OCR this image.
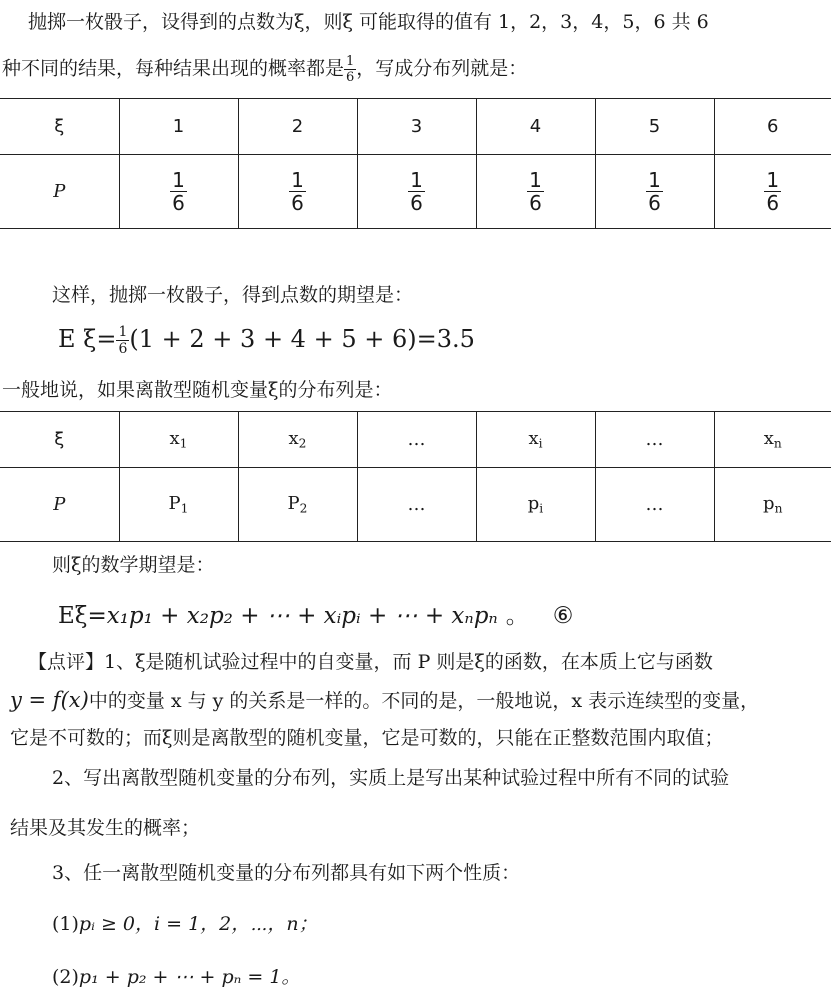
抛掷一枚骰子，设得到的点数为ξ，则ξ 可能取得的值有 1，2，3，4，5，6 共 6
种不同的结果，每种结果出现的概率都是 $\frac{1}{6}$ ，写成分布列就是：
ξ	1	2	3	4	5	6
P	$\frac{1}{6}$	$\frac{1}{6}$	$\frac{1}{6}$	$\frac{1}{6}$	$\frac{1}{6}$	$\frac{1}{6}$
这样，抛掷一枚骰子，得到点数的期望是：
E $\xi= \frac{1}{6} (1 + 2 + 3 + 4 + 5 + 6)=3.5$
一般地说，如果离散型随机变量ξ的分布列是：
ξ	$x_1$	$x_2$	…	$x_i$	…	$x_n$
P	$P_1$	$P_2$	…	$p_i$	…	$p_n$
则ξ的数学期望是：
Eξ=x₁p₁ + x₂p₂ + ⋯ + xᵢpᵢ + ⋯ + xₙpₙ 。 ⑥
【点评】1、ξ是随机试验过程中的自变量，而 P 则是ξ的函数，在本质上它与函数
y = f(x)中的变量 x 与 y 的关系是一样的。不同的是，一般地说，x 表示连续型的变量，
它是不可数的；而ξ则是离散型的随机变量，它是可数的，只能在正整数范围内取值；
2、写出离散型随机变量的分布列，实质上是写出某种试验过程中所有不同的试验
结果及其发生的概率；
3、任一离散型随机变量的分布列都具有如下两个性质：
(1)pᵢ ≥ 0，i = 1，2，⋯，n；
(2)p₁ + p₂ + ⋯ + pₙ = 1。
